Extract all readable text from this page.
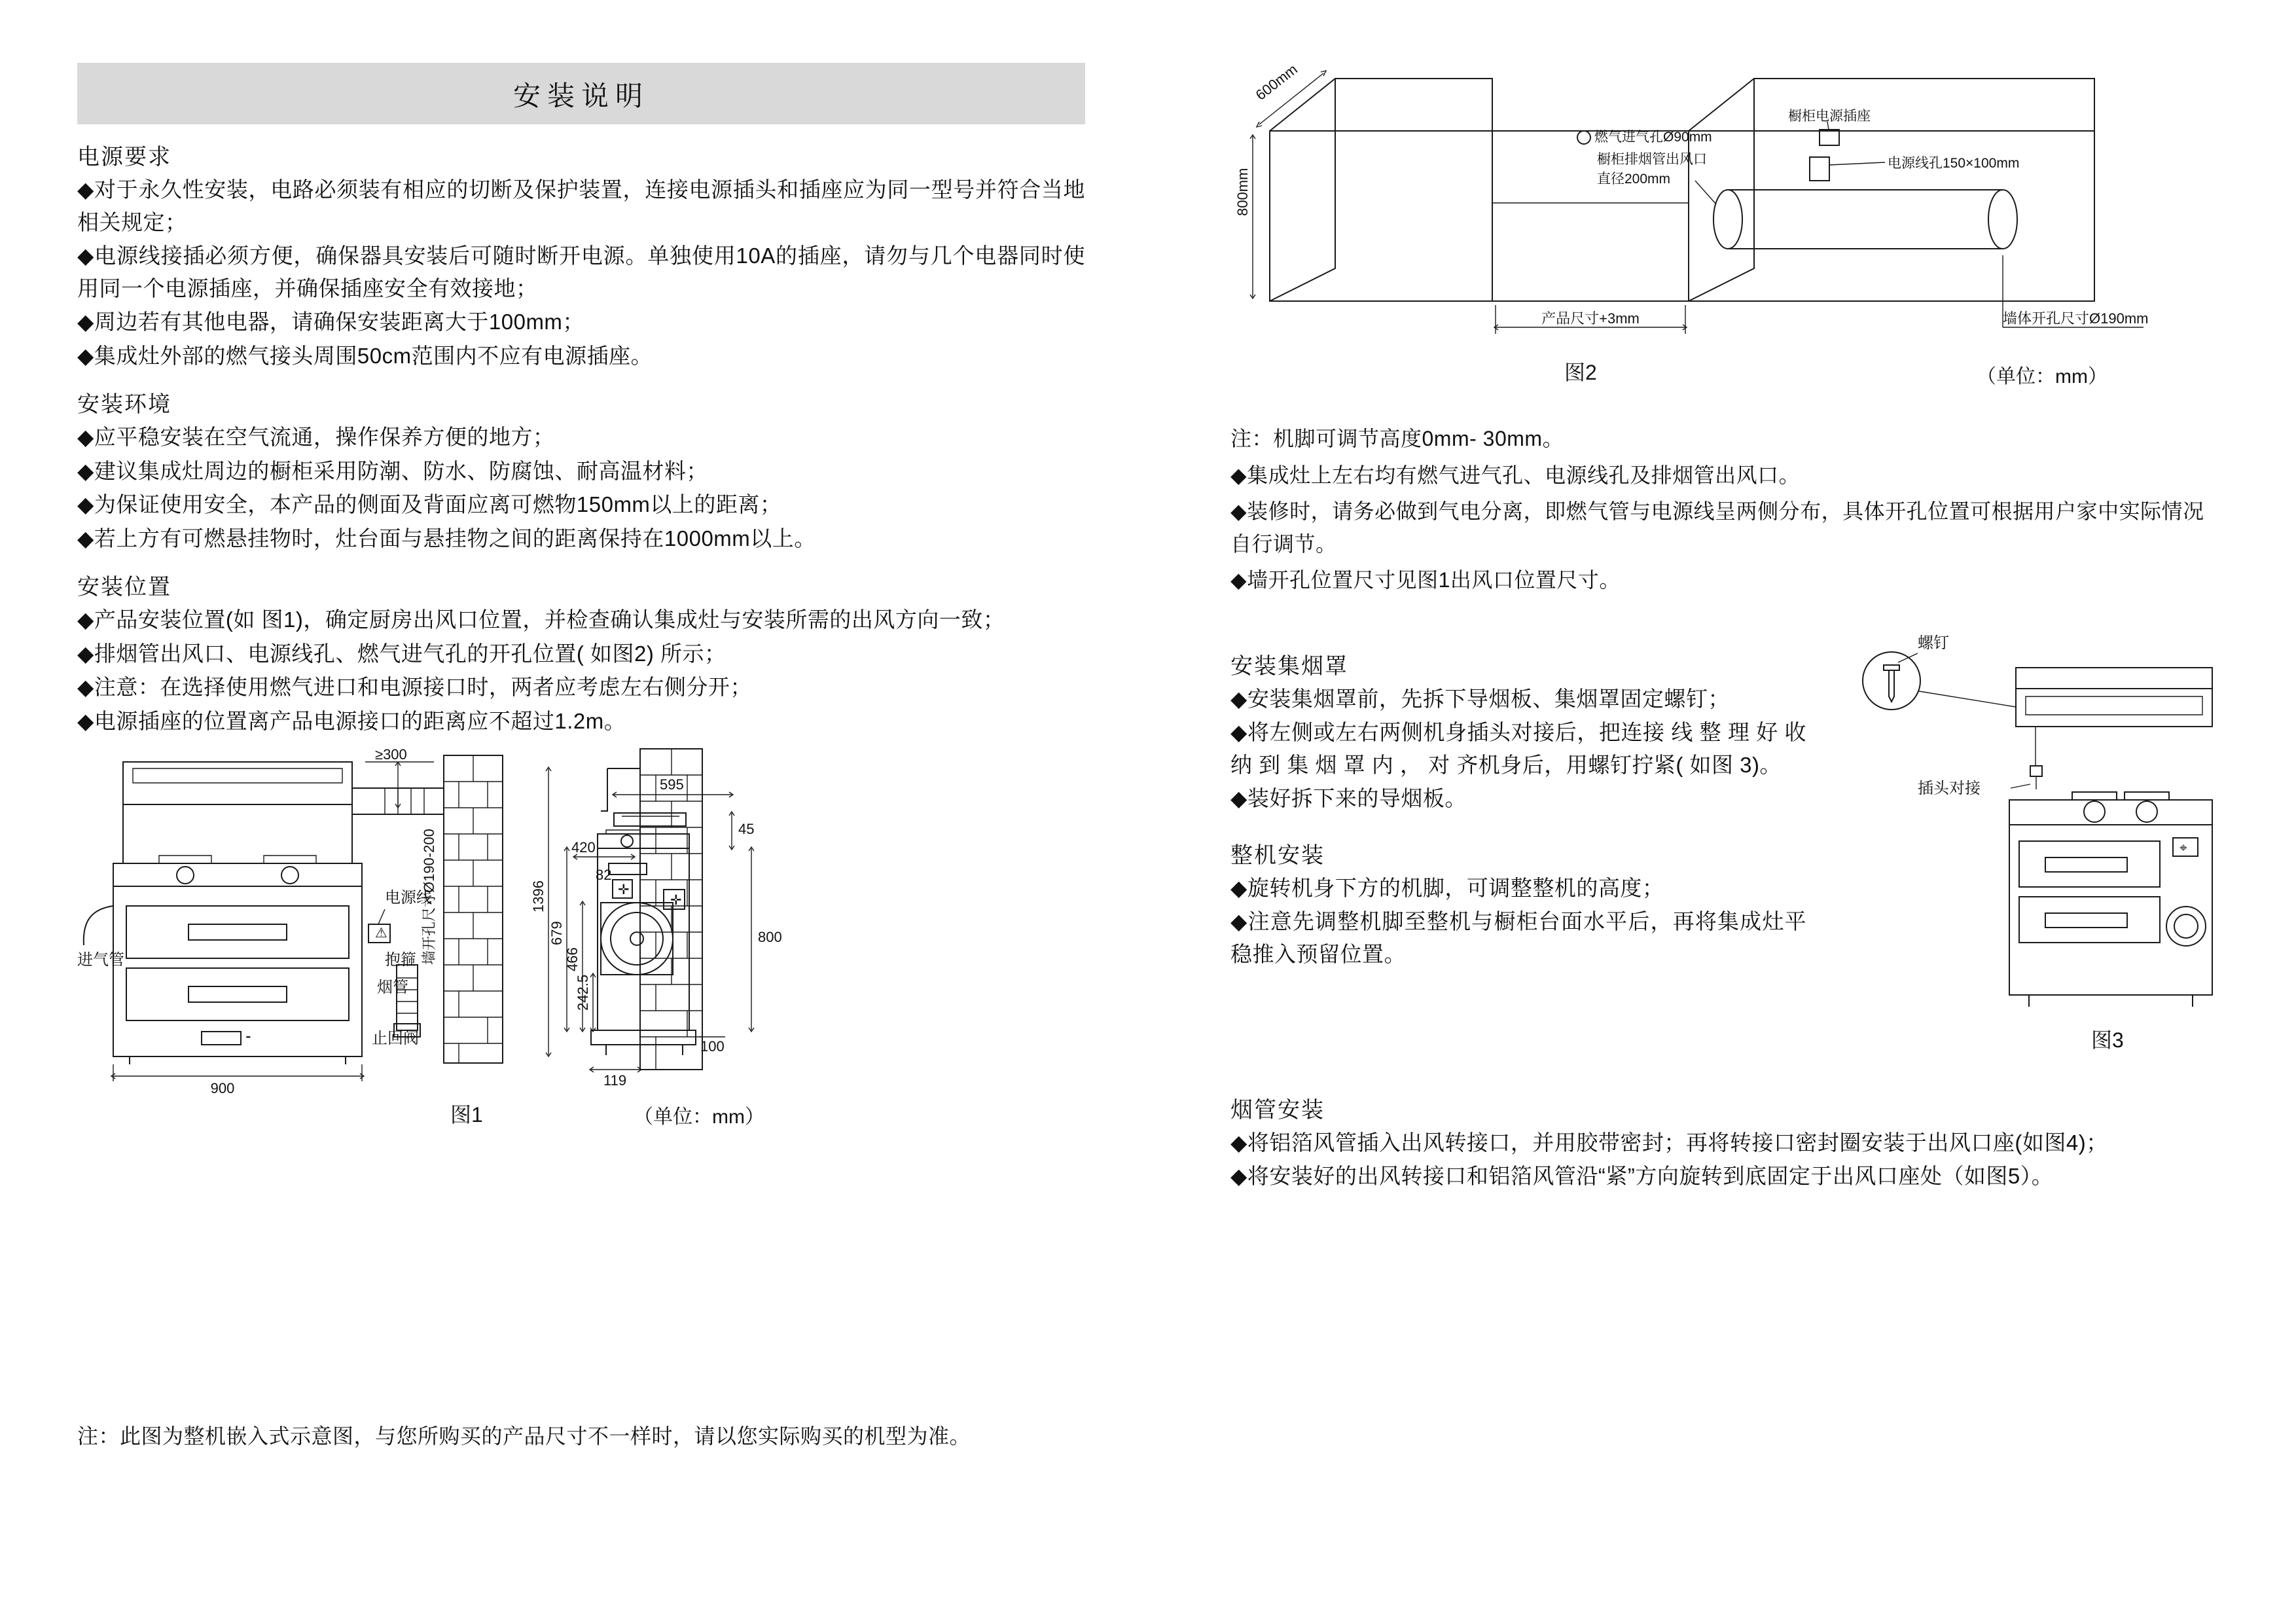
安装说明
电源要求

◆对于永久性安装，电路必须装有相应的切断及保护装置，连接电源插头和插座应为同一型号并符合当地相关规定；

◆电源线接插必须方便，确保器具安装后可随时断开电源。单独使用10A的插座，请勿与几个电器同时使用同一个电源插座，并确保插座安全有效接地；

◆周边若有其他电器，请确保安装距离大于100mm；

◆集成灶外部的燃气接头周围50cm范围内不应有电源插座。

安装环境

◆应平稳安装在空气流通，操作保养方便的地方；

◆建议集成灶周边的橱柜采用防潮、防水、防腐蚀、耐高温材料；

◆为保证使用安全，本产品的侧面及背面应离可燃物150mm以上的距离；

◆若上方有可燃悬挂物时，灶台面与悬挂物之间的距离保持在1000mm以上。

安装位置

◆产品安装位置(如 图1)，确定厨房出风口位置，并检查确认集成灶与安装所需的出风方向一致；

◆排烟管出风口、电源线孔、燃气进气孔的开孔位置( 如图2) 所示；

◆注意：在选择使用燃气进口和电源接口时，两者应考虑左右侧分开；

◆电源插座的位置离产品电源接口的距离应不超过1.2m。

⁃
进气管
≥300
电源线
⚠
抱箍
烟管
止回阀
墙开孔尺寸Ø190-200
900
图1
✛
✛
45
800
595
420
1396
679
466
242.5
82
100
119
（单位：mm）
注：此图为整机嵌入式示意图，与您所购买的产品尺寸不一样时，请以您实际购买的机型为准。
燃气进气孔Ø90mm
橱柜电源插座
电源线孔150×100mm
橱柜排烟管出风口
直径200mm
600mm
800mm
产品尺寸+3mm	墙体开孔尺寸Ø190mm
图2	（单位：mm）

注：机脚可调节高度0mm- 30mm。

◆集成灶上左右均有燃气进气孔、电源线孔及排烟管出风口。

◆装修时，请务必做到气电分离，即燃气管与电源线呈两侧分布，具体开孔位置可根据用户家中实际情况自行调节。

◆墙开孔位置尺寸见图1出风口位置尺寸。

安装集烟罩

◆安装集烟罩前，先拆下导烟板、集烟罩固定螺钉；

◆将左侧或左右两侧机身插头对接后，把连接 线 整 理 好 收 纳 到 集 烟 罩 内 ， 对 齐机身后，用螺钉拧紧( 如图 3)。

◆装好拆下来的导烟板。

整机安装

◆旋转机身下方的机脚，可调整整机的高度；

◆注意先调整机脚至整机与橱柜台面水平后，再将集成灶平稳推入预留位置。

螺钉
插头对接
⌖
图3
烟管安装

◆将铝箔风管插入出风转接口，并用胶带密封；再将转接口密封圈安装于出风口座(如图4)；

◆将安装好的出风转接口和铝箔风管沿“紧”方向旋转到底固定于出风口座处（如图5）。
